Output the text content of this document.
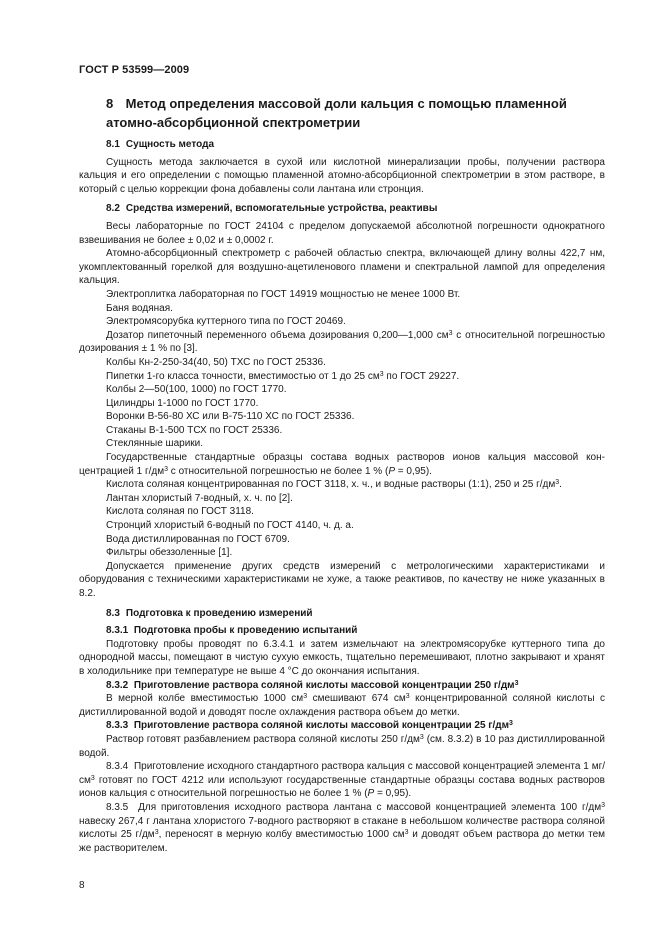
ГОСТ Р 53599—2009
8 Метод определения массовой доли кальция с помощью пламенной
атомно-абсорбционной спектрометрии

8.1 Сущность метода

Сущность метода заключается в сухой или кислотной минерализации пробы, получении раствора кальция и его определении с помощью пламенной атомно-абсорбционной спектрометрии в этом растворе, в который с целью коррекции фона добавлены соли лантана или стронция.

8.2 Средства измерений, вспомогательные устройства, реактивы

Весы лабораторные по ГОСТ 24104 с пределом допускаемой абсолютной погрешности однократного взвешивания не более ± 0,02 и ± 0,0002 г.

Атомно-абсорбционный спектрометр с рабочей областью спектра, включающей длину волны 422,7 нм, укомплектованный горелкой для воздушно-ацетиленового пламени и спектральной лампой для определения кальция.

Электроплитка лабораторная по ГОСТ 14919 мощностью не менее 1000 Вт.

Баня водяная.

Электромясорубка куттерного типа по ГОСТ 20469.

Дозатор пипеточный переменного объема дозирования 0,200—1,000 $см^3$ с относительной погрешностью дозирования ± 1 % по [3].

Колбы Кн-2-250-34(40, 50) ТХС по ГОСТ 25336.

Пипетки 1-го класса точности, вместимостью от 1 до 25 $см^3$ по ГОСТ 29227.

Колбы 2—50(100, 1000) по ГОСТ 1770.

Цилиндры 1-1000 по ГОСТ 1770.

Воронки В-56-80 ХС или В-75-110 ХС по ГОСТ 25336.

Стаканы В-1-500 ТСХ по ГОСТ 25336.

Стеклянные шарики.

Государственные стандартные образцы состава водных растворов ионов кальция массовой концентрацией 1 $г/дм^3$ с относительной погрешностью не более 1 % (P = 0,95).

Кислота соляная концентрированная по ГОСТ 3118, х. ч., и водные растворы (1:1), 250 и 25 $г/дм^3$.

Лантан хлористый 7-водный, х. ч. по [2].

Кислота соляная по ГОСТ 3118.

Стронций хлористый 6-водный по ГОСТ 4140, ч. д. а.

Вода дистиллированная по ГОСТ 6709.

Фильтры обеззоленные [1].

Допускается применение других средств измерений с метрологическими характеристиками и оборудования с техническими характеристиками не хуже, а также реактивов, по качеству не ниже указанных в 8.2.

8.3 Подготовка к проведению измерений

8.3.1 Подготовка пробы к проведению испытаний

Подготовку пробы проводят по 6.3.4.1 и затем измельчают на электромясорубке куттерного типа до однородной массы, помещают в чистую сухую емкость, тщательно перемешивают, плотно закрывают и хранят в холодильнике при температуре не выше 4 °С до окончания испытания.

8.3.2 Приготовление раствора соляной кислоты массовой концентрации 250 $г/дм^3$

В мерной колбе вместимостью 1000 $см^3$ смешивают 674 $см^3$ концентрированной соляной кислоты с дистиллированной водой и доводят после охлаждения раствора объем до метки.

8.3.3 Приготовление раствора соляной кислоты массовой концентрации 25 $г/дм^3$

Раствор готовят разбавлением раствора соляной кислоты 250 $г/дм^3$ (см. 8.3.2) в 10 раз дистиллированной водой.

8.3.4 Приготовление исходного стандартного раствора кальция с массовой концентрацией элемента 1 $мг/см^3$ готовят по ГОСТ 4212 или используют государственные стандартные образцы состава водных растворов ионов кальция с относительной погрешностью не более 1 % (P = 0,95).

8.3.5 Для приготовления исходного раствора лантана с массовой концентрацией элемента 100 $г/дм^3$ навеску 267,4 г лантана хлористого 7-водного растворяют в стакане в небольшом количестве раствора соляной кислоты 25 $г/дм^3$, переносят в мерную колбу вместимостью 1000 $см^3$ и доводят объем раствора до метки тем же растворителем.

8
